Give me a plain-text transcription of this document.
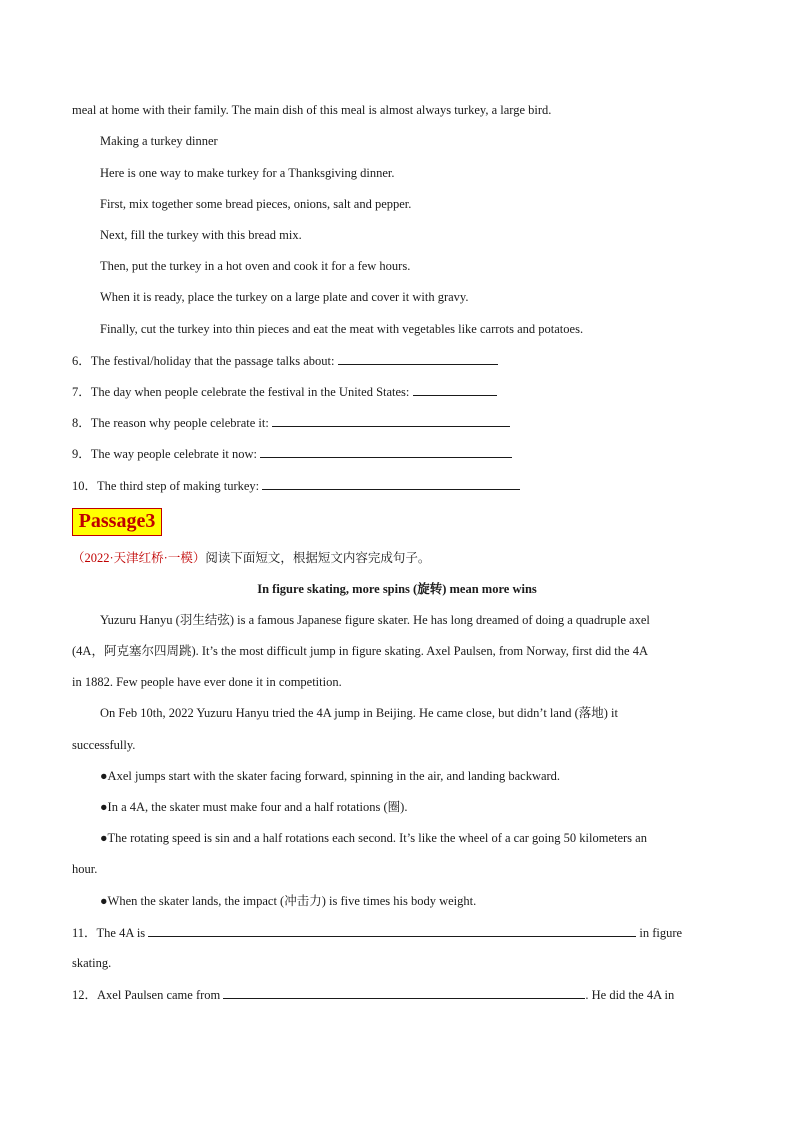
meal at home with their family. The main dish of this meal is almost always turkey, a large bird.
Making a turkey dinner
Here is one way to make turkey for a Thanksgiving dinner.
First, mix together some bread pieces, onions, salt and pepper.
Next, fill the turkey with this bread mix.
Then, put the turkey in a hot oven and cook it for a few hours.
When it is ready, place the turkey on a large plate and cover it with gravy.
Finally, cut the turkey into thin pieces and eat the meat with vegetables like carrots and potatoes.
6．The festival/holiday that the passage talks about:
7．The day when people celebrate the festival in the United States:
8．The reason why people celebrate it:
9．The way people celebrate it now:
10．The third step of making turkey:
Passage3
（2022·天津红桥·一模）阅读下面短文，根据短文内容完成句子。
In figure skating, more spins (旋转) mean more wins
Yuzuru Hanyu (羽生结弦) is a famous Japanese figure skater. He has long dreamed of doing a quadruple axel
(4A，阿克塞尔四周跳). It’s the most difficult jump in figure skating. Axel Paulsen, from Norway, first did the 4A
in 1882. Few people have ever done it in competition.
On Feb 10th, 2022 Yuzuru Hanyu tried the 4A jump in Beijing. He came close, but didn’t land (落地) it
successfully.
●Axel jumps start with the skater facing forward, spinning in the air, and landing backward.
●In a 4A, the skater must make four and a half rotations (圈).
●The rotating speed is sin and a half rotations each second. It’s like the wheel of a car going 50 kilometers an
hour.
●When the skater lands, the impact (冲击力) is five times his body weight.
11．The 4A is	in figure
skating.
12．Axel Paulsen came from	. He did the 4A in
